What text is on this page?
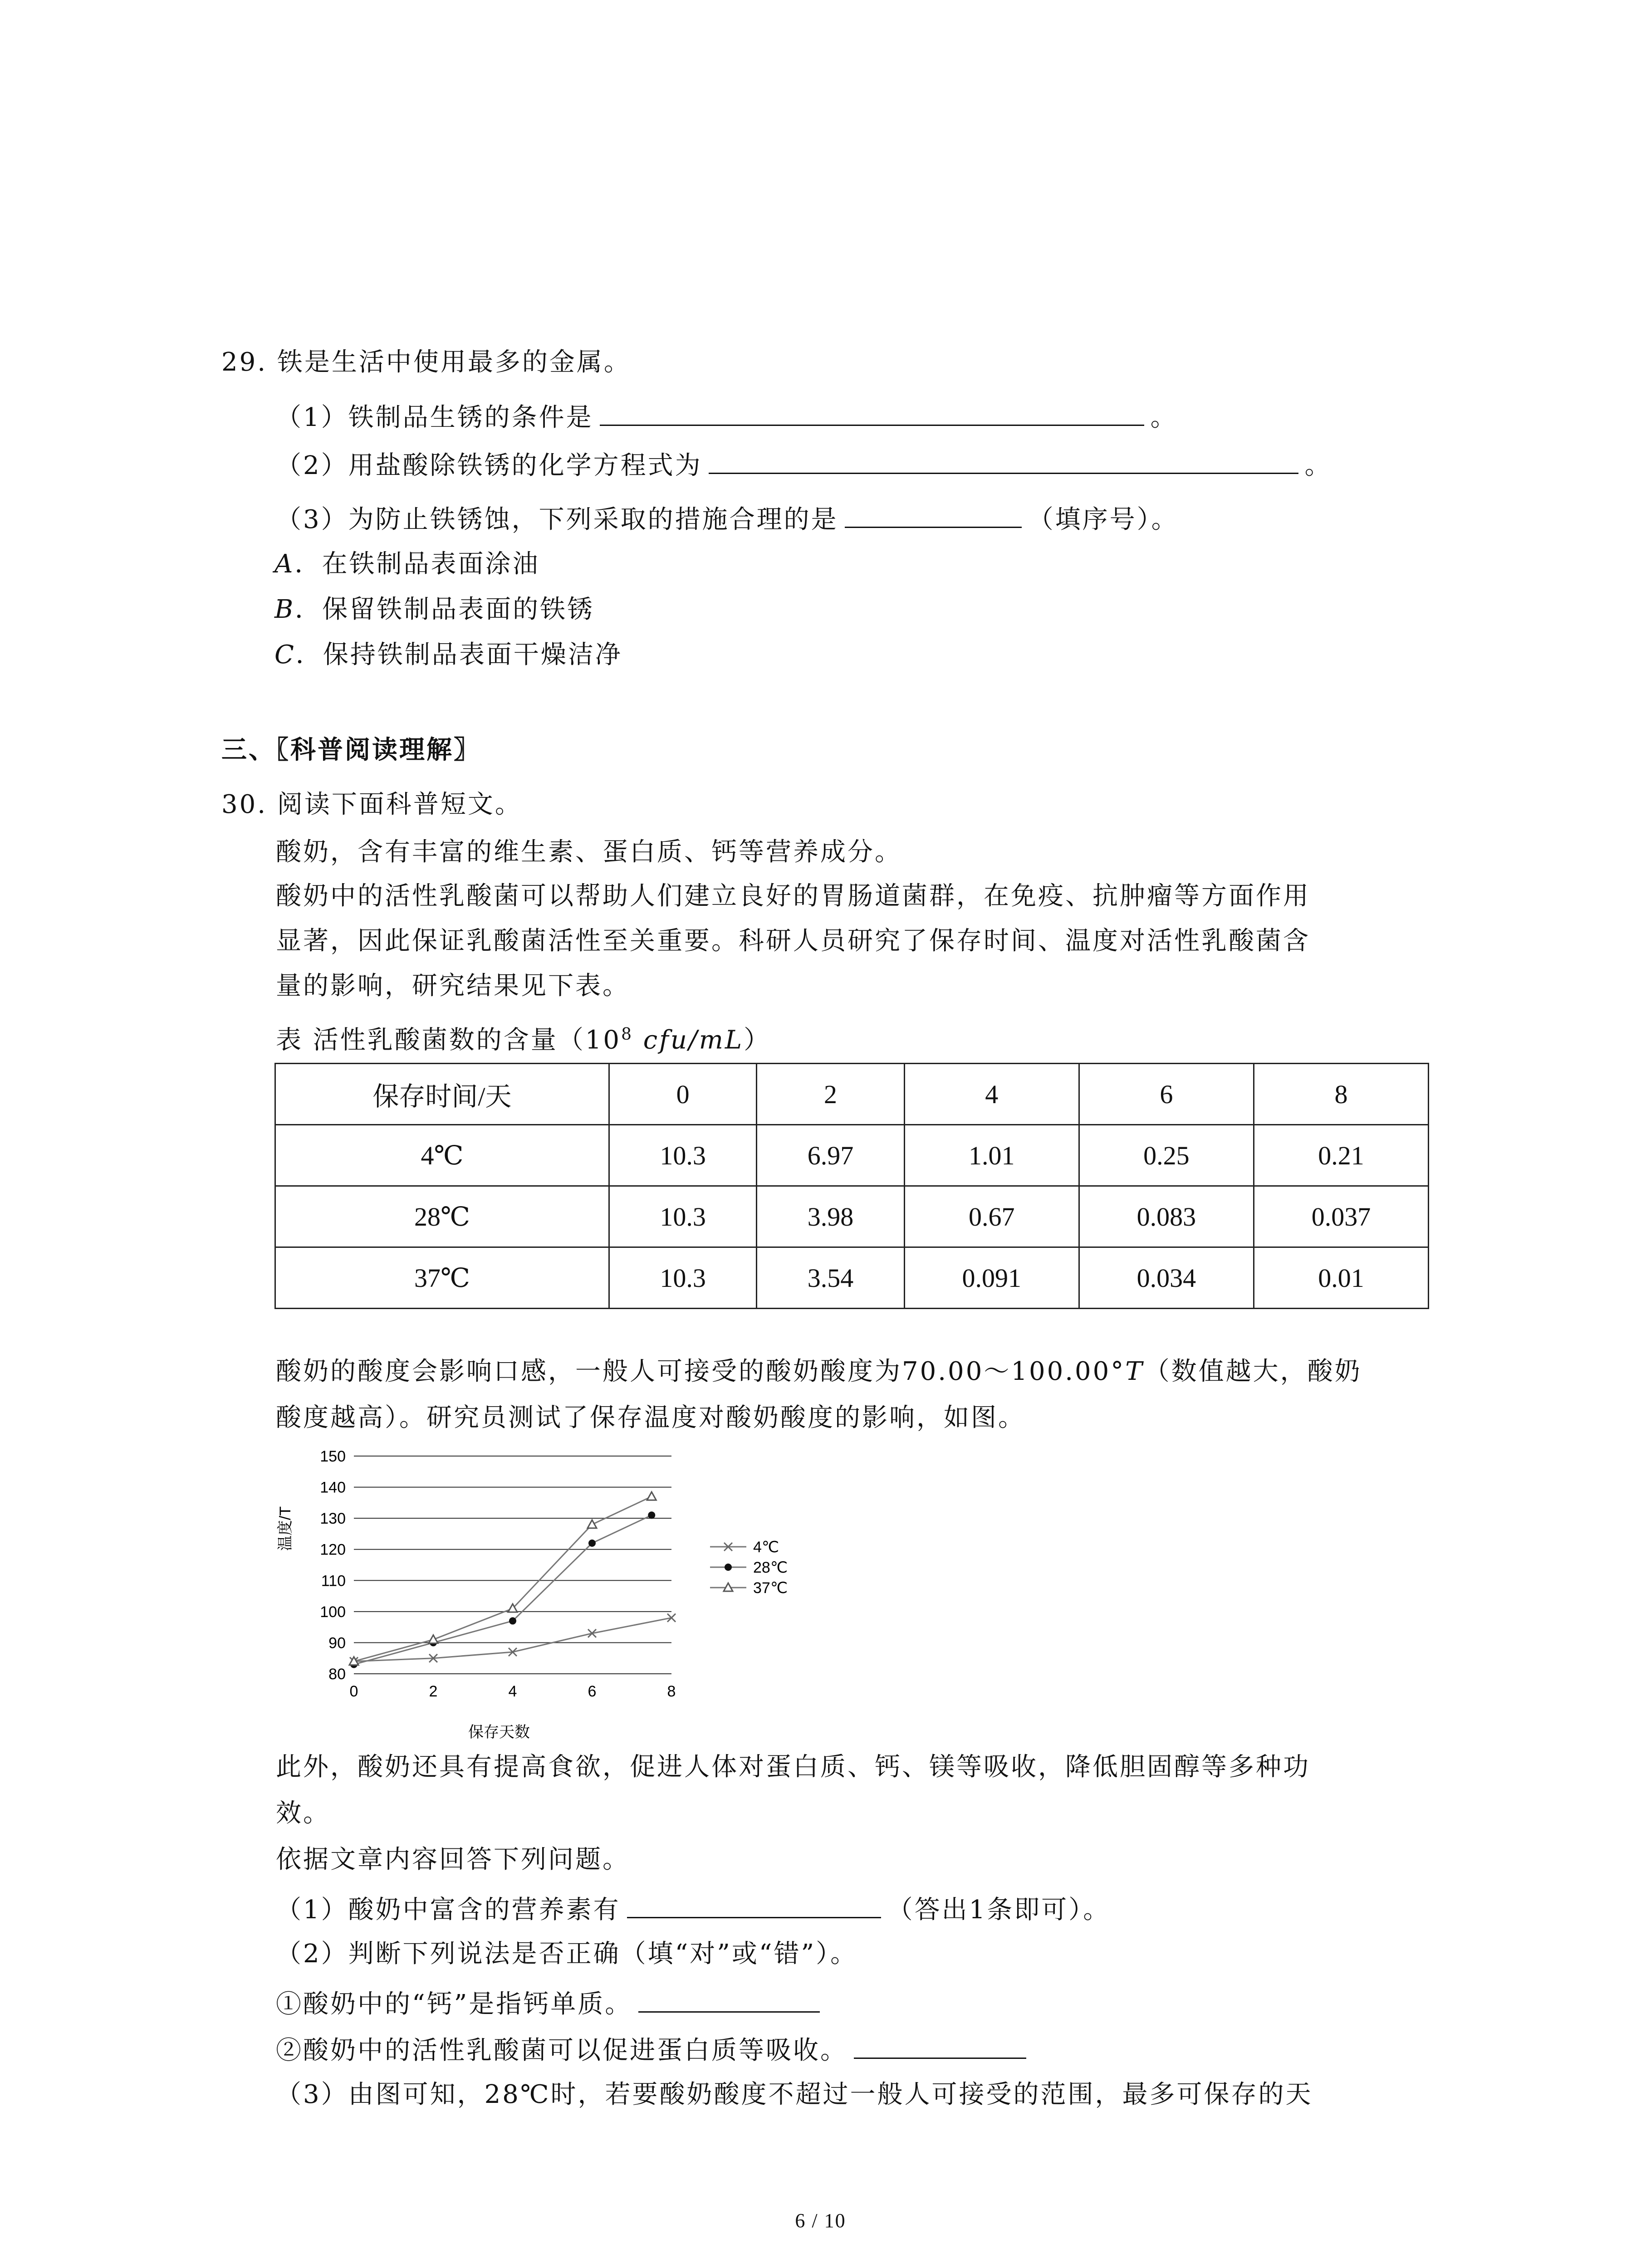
29. 铁是生活中使用最多的金属。
（1）铁制品生锈的条件是	。
（2）用盐酸除铁锈的化学方程式为	。
（3）为防止铁锈蚀，下列采取的措施合理的是	（填序号）。
A．在铁制品表面涂油
B．保留铁制品表面的铁锈
C．保持铁制品表面干燥洁净
三、〖科普阅读理解〗
30. 阅读下面科普短文。
酸奶，含有丰富的维生素、蛋白质、钙等营养成分。
酸奶中的活性乳酸菌可以帮助人们建立良好的胃肠道菌群，在免疫、抗肿瘤等方面作用
显著，因此保证乳酸菌活性至关重要。科研人员研究了保存时间、温度对活性乳酸菌含
量的影响，研究结果见下表。
表 活性乳酸菌数的含量（$10^8$ cfu/mL）
保存时间/天	0	2	4	6	8
4℃	10.3	6.97	1.01	0.25	0.21
28℃	10.3	3.98	0.67	0.083	0.037
37℃	10.3	3.54	0.091	0.034	0.01
酸奶的酸度会影响口感，一般人可接受的酸奶酸度为70.00～100.00°T（数值越大，酸奶
酸度越高）。研究员测试了保存温度对酸奶酸度的影响，如图。
温度/T
保存天数
80
90
100
110
120
130
140
150
0	2	4	6	8
4℃
28℃
37℃
此外，酸奶还具有提高食欲，促进人体对蛋白质、钙、镁等吸收，降低胆固醇等多种功
效。
依据文章内容回答下列问题。
（1）酸奶中富含的营养素有	（答出1条即可）。
（2）判断下列说法是否正确（填“对”或“错”）。
①酸奶中的“钙”是指钙单质。
②酸奶中的活性乳酸菌可以促进蛋白质等吸收。
（3）由图可知，28℃时，若要酸奶酸度不超过一般人可接受的范围，最多可保存的天
6 / 10
